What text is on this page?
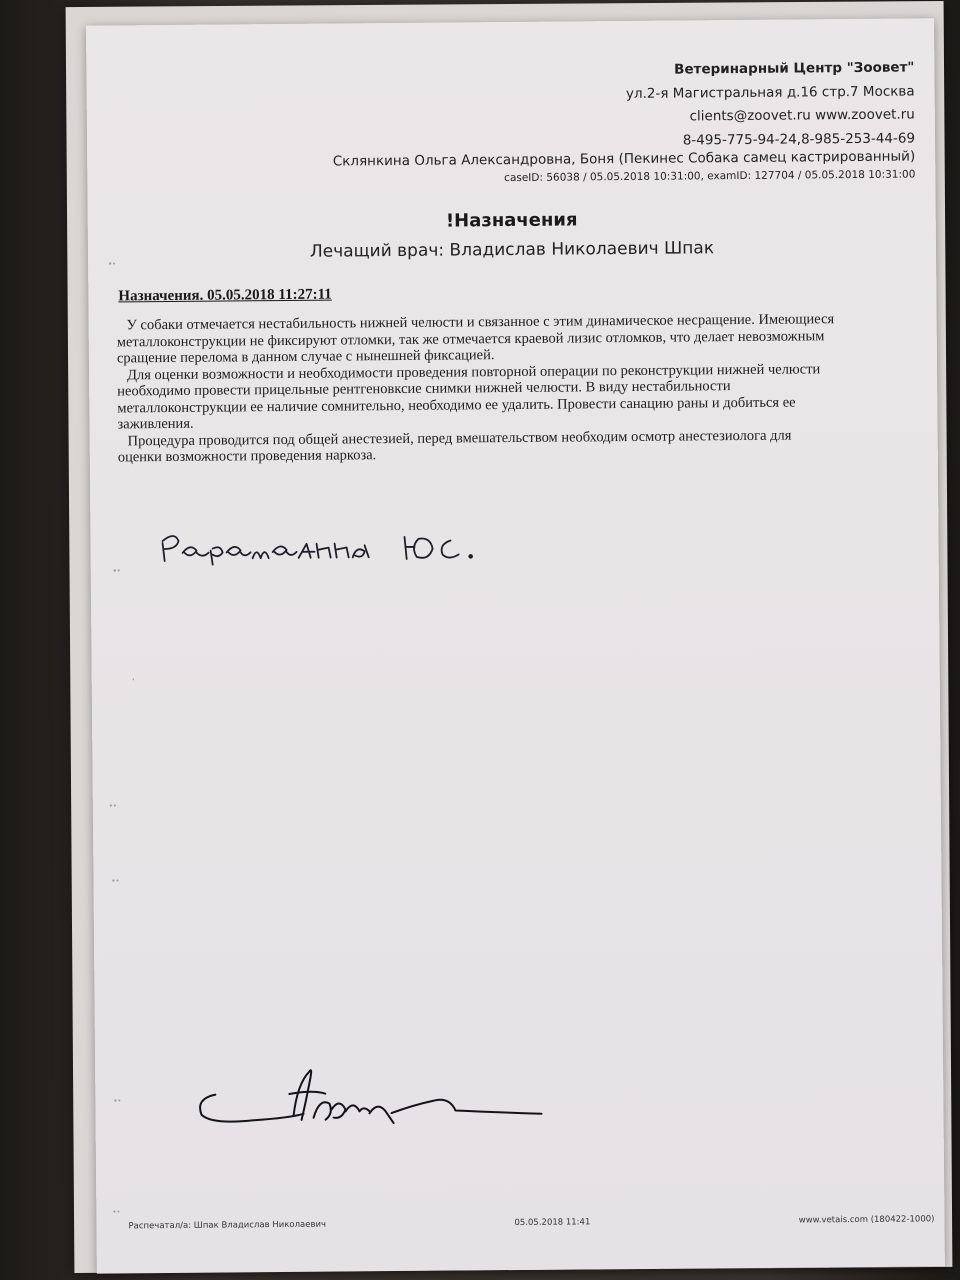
Ветеринарный Центр "Зоовет"
ул.2-я Магистральная д.16 стр.7 Москва
clients@zoovet.ru www.zoovet.ru
8-495-775-94-24,8-985-253-44-69
Склянкина Ольга Александровна, Боня (Пекинес Собака самец кастрированный)
caseID: 56038 / 05.05.2018 10:31:00, examID: 127704 / 05.05.2018 10:31:00
!Назначения
Лечащий врач: Владислав Николаевич Шпак
Назначения. 05.05.2018 11:27:11

У собаки отмечается нестабильность нижней челюсти и связанное с этим динамическое несращение. Имеющиеся металлоконструкции не фиксируют отломки, так же отмечается краевой лизис отломков, что делает невозможным сращение перелома в данном случае с нынешней фиксацией.

Для оценки возможности и необходимости проведения повторной операции по реконструкции нижней челюсти необходимо провести прицельные рентгеновксие снимки нижней челюсти. В виду нестабильности металлоконструкции ее наличие сомнительно, необходимо ее удалить. Провести санацию раны и добиться ее заживления.

Процедура проводится под общей анестезией, перед вмешательством необходим осмотр анестезиолога для оценки возможности проведения наркоза.

Распечатал/а: Шпак Владислав Николаевич	05.05.2018 11:41	www.vetais.com (180422-1000)
